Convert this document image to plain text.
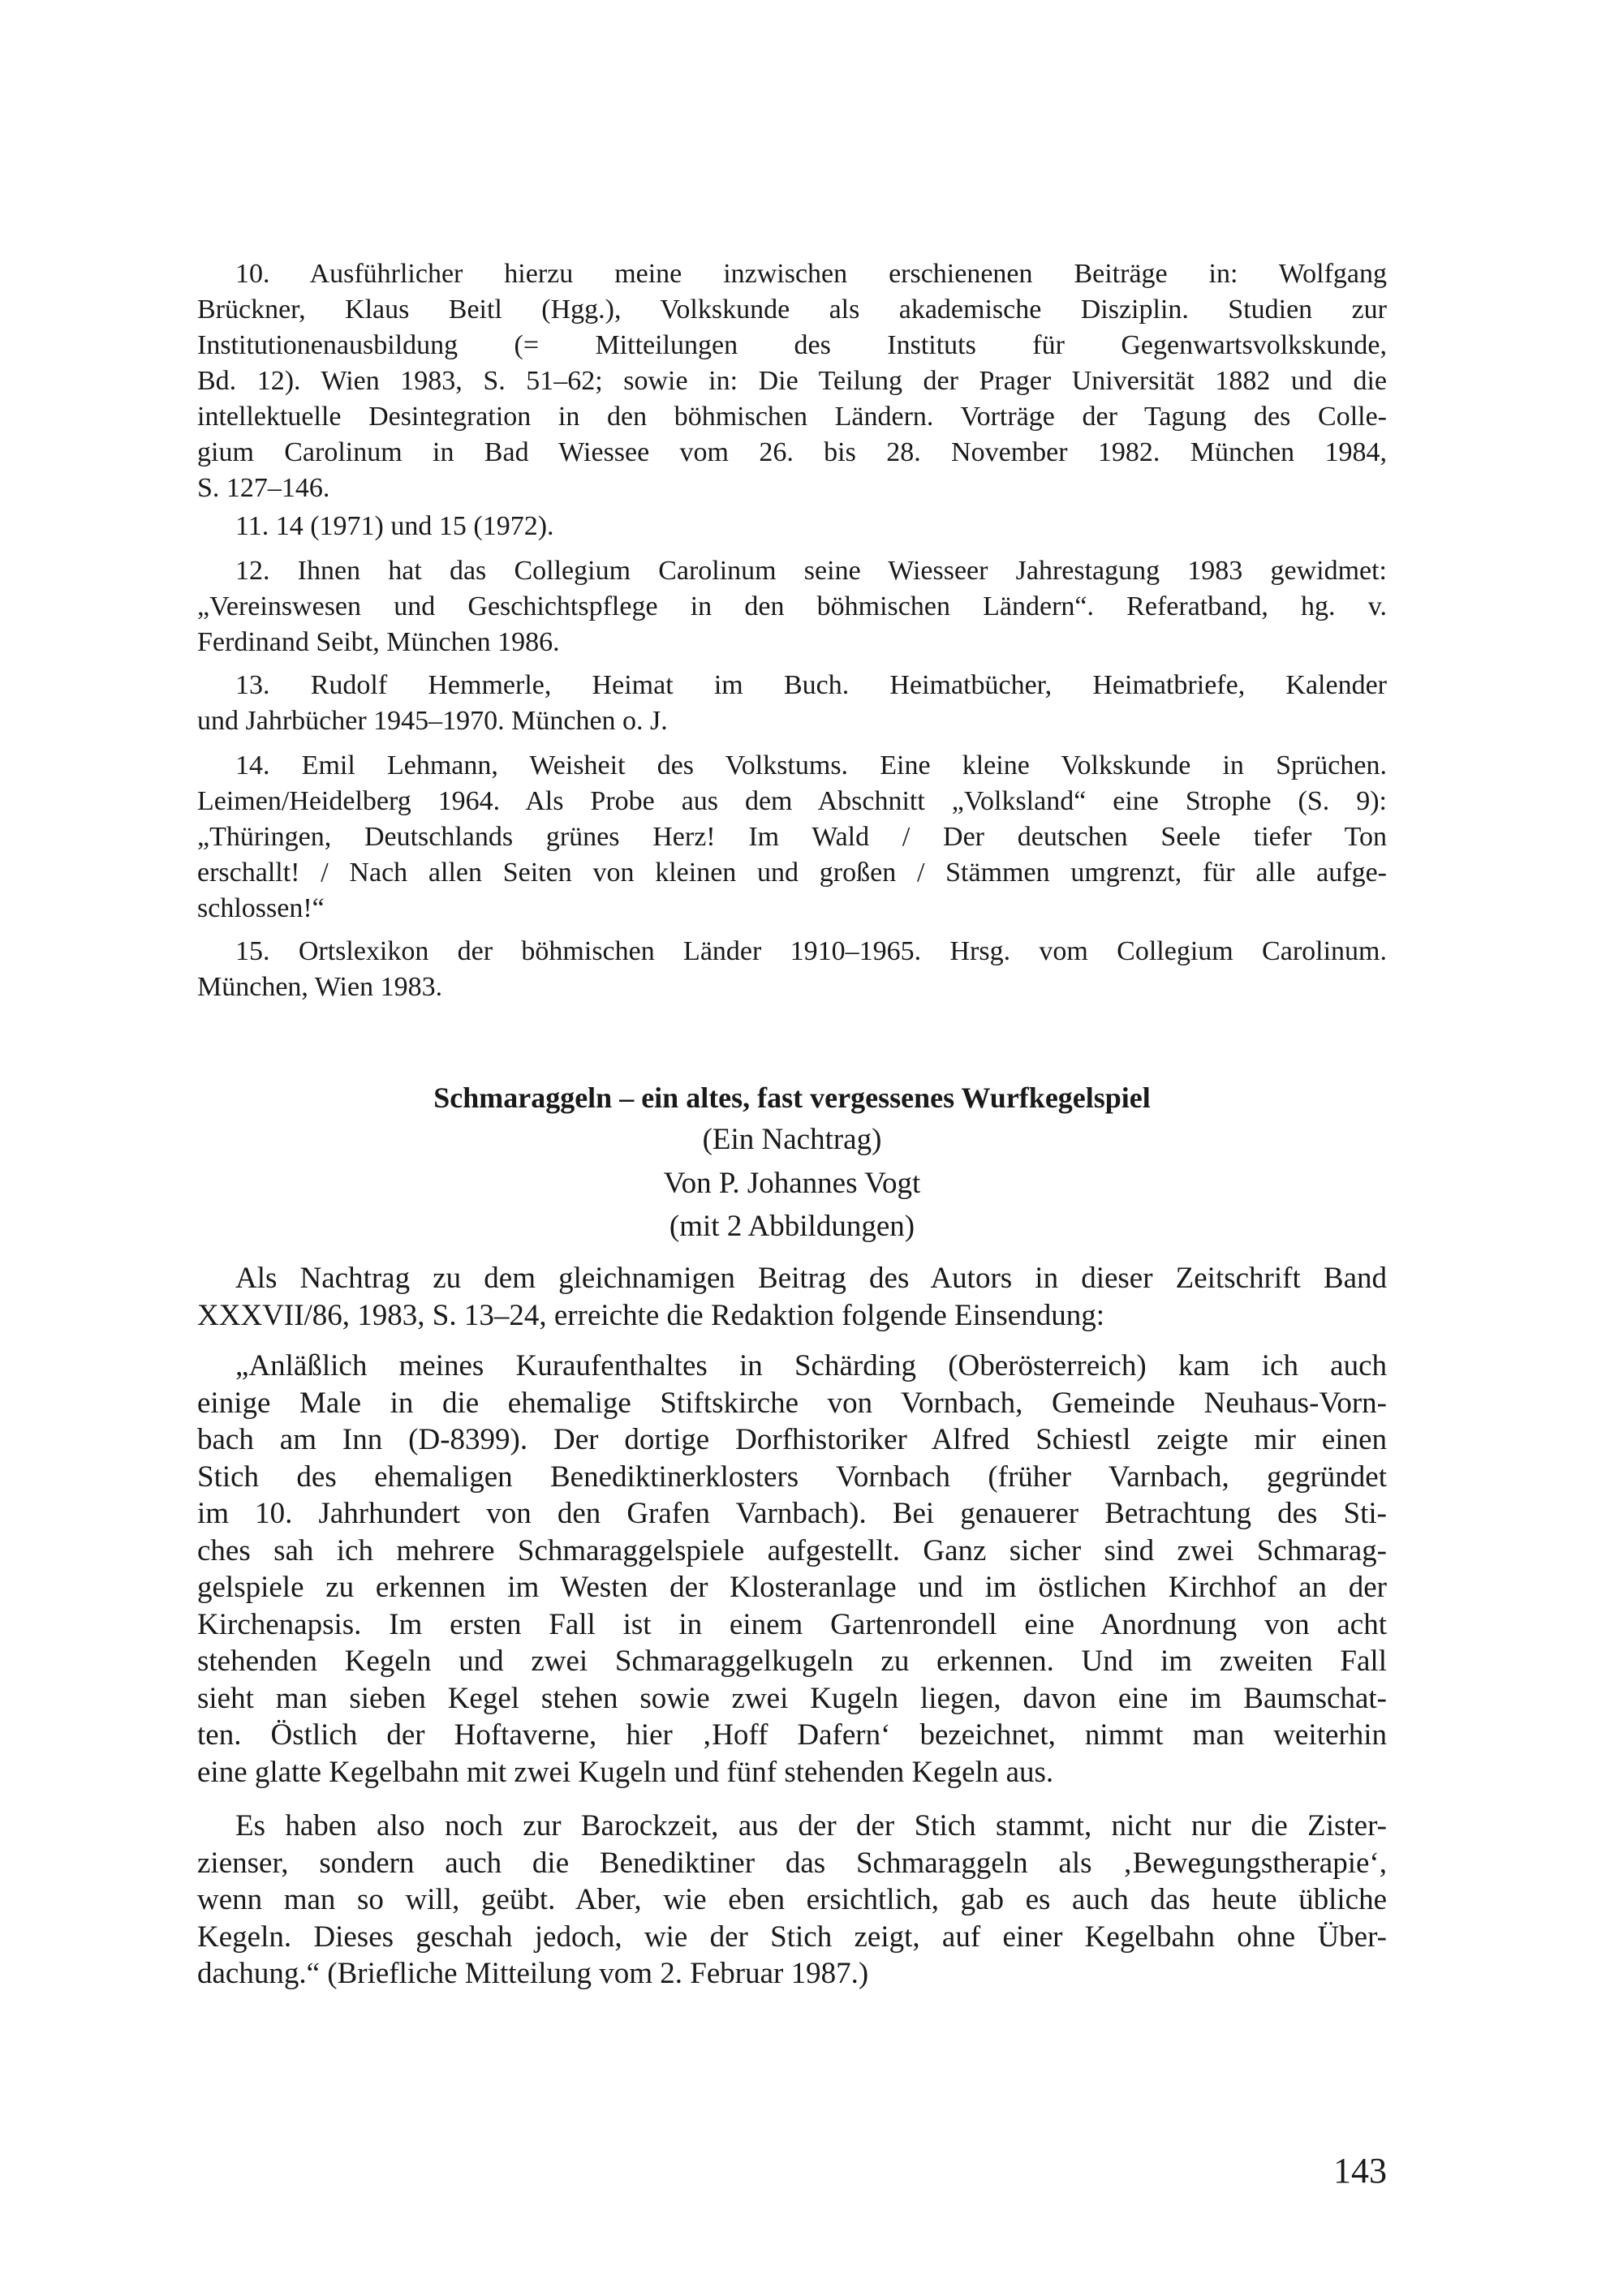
10. Ausführlicher hierzu meine inzwischen erschienenen Beiträge in: Wolfgang
Brückner, Klaus Beitl (Hgg.), Volkskunde als akademische Disziplin. Studien zur
Institutionenausbildung (= Mitteilungen des Instituts für Gegenwartsvolkskunde,
Bd. 12). Wien 1983, S. 51–62; sowie in: Die Teilung der Prager Universität 1882 und die
intellektuelle Desintegration in den böhmischen Ländern. Vorträge der Tagung des Colle-
gium Carolinum in Bad Wiessee vom 26. bis 28. November 1982. München 1984,
S. 127–146.
11. 14 (1971) und 15 (1972).
12. Ihnen hat das Collegium Carolinum seine Wiesseer Jahrestagung 1983 gewidmet:
„Vereinswesen und Geschichtspflege in den böhmischen Ländern“. Referatband, hg. v.
Ferdinand Seibt, München 1986.
13. Rudolf Hemmerle, Heimat im Buch. Heimatbücher, Heimatbriefe, Kalender
und Jahrbücher 1945–1970. München o. J.
14. Emil Lehmann, Weisheit des Volkstums. Eine kleine Volkskunde in Sprüchen.
Leimen/Heidelberg 1964. Als Probe aus dem Abschnitt „Volksland“ eine Strophe (S. 9):
„Thüringen, Deutschlands grünes Herz! Im Wald / Der deutschen Seele tiefer Ton
erschallt! / Nach allen Seiten von kleinen und großen / Stämmen umgrenzt, für alle aufge-
schlossen!“
15. Ortslexikon der böhmischen Länder 1910–1965. Hrsg. vom Collegium Carolinum.
München, Wien 1983.
Schmaraggeln – ein altes, fast vergessenes Wurfkegelspiel
(Ein Nachtrag)
Von P. Johannes Vogt
(mit 2 Abbildungen)
Als Nachtrag zu dem gleichnamigen Beitrag des Autors in dieser Zeitschrift Band
XXXVII/86, 1983, S. 13–24, erreichte die Redaktion folgende Einsendung:
„Anläßlich meines Kuraufenthaltes in Schärding (Oberösterreich) kam ich auch
einige Male in die ehemalige Stiftskirche von Vornbach, Gemeinde Neuhaus-Vorn-
bach am Inn (D-8399). Der dortige Dorfhistoriker Alfred Schiestl zeigte mir einen
Stich des ehemaligen Benediktinerklosters Vornbach (früher Varnbach, gegründet
im 10. Jahrhundert von den Grafen Varnbach). Bei genauerer Betrachtung des Sti-
ches sah ich mehrere Schmaraggelspiele aufgestellt. Ganz sicher sind zwei Schmarag-
gelspiele zu erkennen im Westen der Klosteranlage und im östlichen Kirchhof an der
Kirchenapsis. Im ersten Fall ist in einem Gartenrondell eine Anordnung von acht
stehenden Kegeln und zwei Schmaraggelkugeln zu erkennen. Und im zweiten Fall
sieht man sieben Kegel stehen sowie zwei Kugeln liegen, davon eine im Baumschat-
ten. Östlich der Hoftaverne, hier ‚Hoff Dafern‘ bezeichnet, nimmt man weiterhin
eine glatte Kegelbahn mit zwei Kugeln und fünf stehenden Kegeln aus.
Es haben also noch zur Barockzeit, aus der der Stich stammt, nicht nur die Zister-
zienser, sondern auch die Benediktiner das Schmaraggeln als ‚Bewegungstherapie‘,
wenn man so will, geübt. Aber, wie eben ersichtlich, gab es auch das heute übliche
Kegeln. Dieses geschah jedoch, wie der Stich zeigt, auf einer Kegelbahn ohne Über-
dachung.“ (Briefliche Mitteilung vom 2. Februar 1987.)
143
